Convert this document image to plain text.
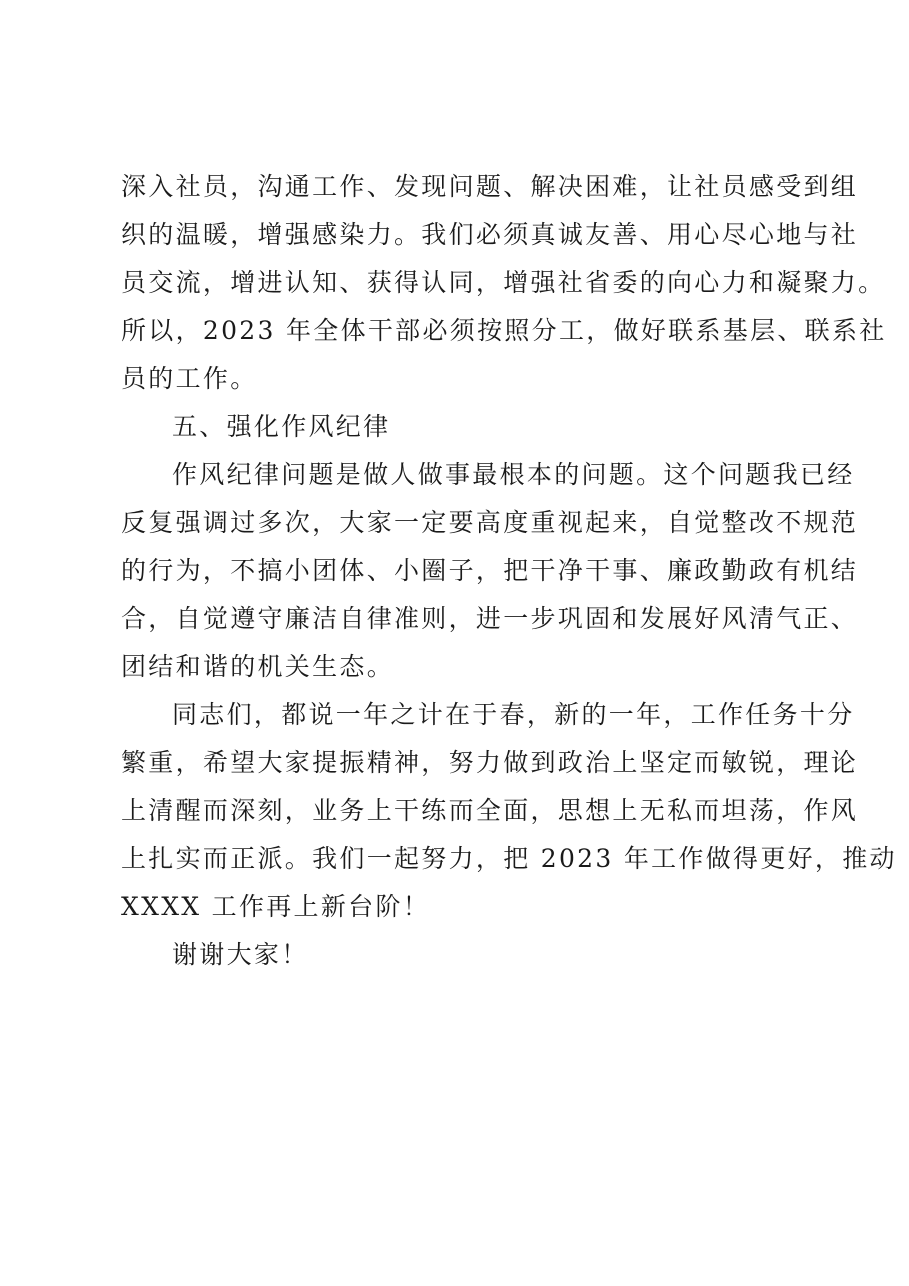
深入社员，沟通工作、发现问题、解决困难，让社员感受到组
织的温暖，增强感染力。我们必须真诚友善、用心尽心地与社
员交流，增进认知、获得认同，增强社省委的向心力和凝聚力。
所以，2023 年全体干部必须按照分工，做好联系基层、联系社
员的工作。
五、强化作风纪律
作风纪律问题是做人做事最根本的问题。这个问题我已经
反复强调过多次，大家一定要高度重视起来，自觉整改不规范
的行为，不搞小团体、小圈子，把干净干事、廉政勤政有机结
合，自觉遵守廉洁自律准则，进一步巩固和发展好风清气正、
团结和谐的机关生态。
同志们，都说一年之计在于春，新的一年，工作任务十分
繁重，希望大家提振精神，努力做到政治上坚定而敏锐，理论
上清醒而深刻，业务上干练而全面，思想上无私而坦荡，作风
上扎实而正派。我们一起努力，把 2023 年工作做得更好，推动
XXXX 工作再上新台阶！
谢谢大家！
